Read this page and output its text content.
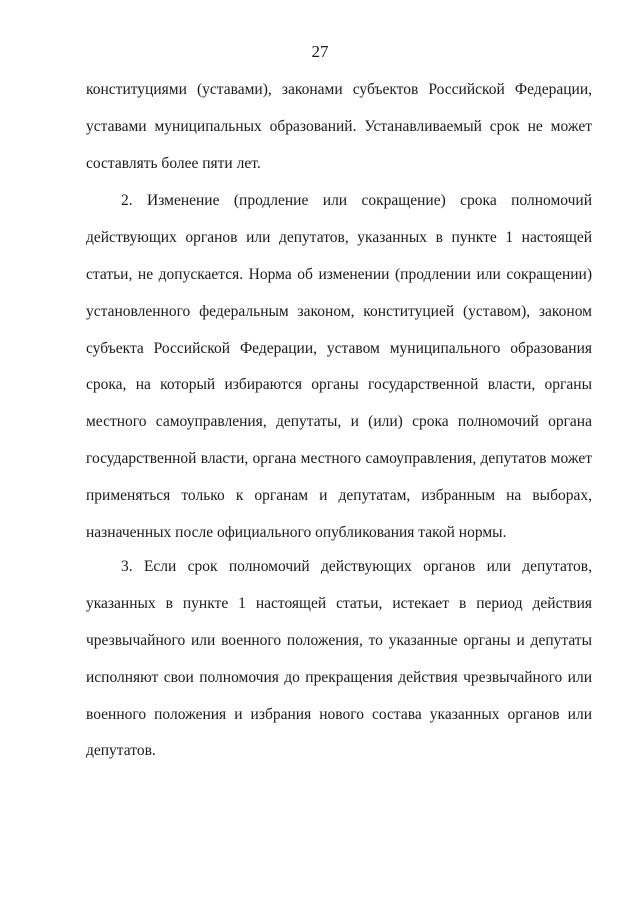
27
конституциями (уставами), законами субъектов Российской Федерации,
уставами муниципальных образований. Устанавливаемый срок не может
составлять более пяти лет.
2. Изменение (продление или сокращение) срока полномочий
действующих органов или депутатов, указанных в пункте 1 настоящей
статьи, не допускается. Норма об изменении (продлении или сокращении)
установленного федеральным законом, конституцией (уставом), законом
субъекта Российской Федерации, уставом муниципального образования
срока, на который избираются органы государственной власти, органы
местного самоуправления, депутаты, и (или) срока полномочий органа
государственной власти, органа местного самоуправления, депутатов может
применяться только к органам и депутатам, избранным на выборах,
назначенных после официального опубликования такой нормы.
3. Если срок полномочий действующих органов или депутатов,
указанных в пункте 1 настоящей статьи, истекает в период действия
чрезвычайного или военного положения, то указанные органы и депутаты
исполняют свои полномочия до прекращения действия чрезвычайного или
военного положения и избрания нового состава указанных органов или
депутатов.
